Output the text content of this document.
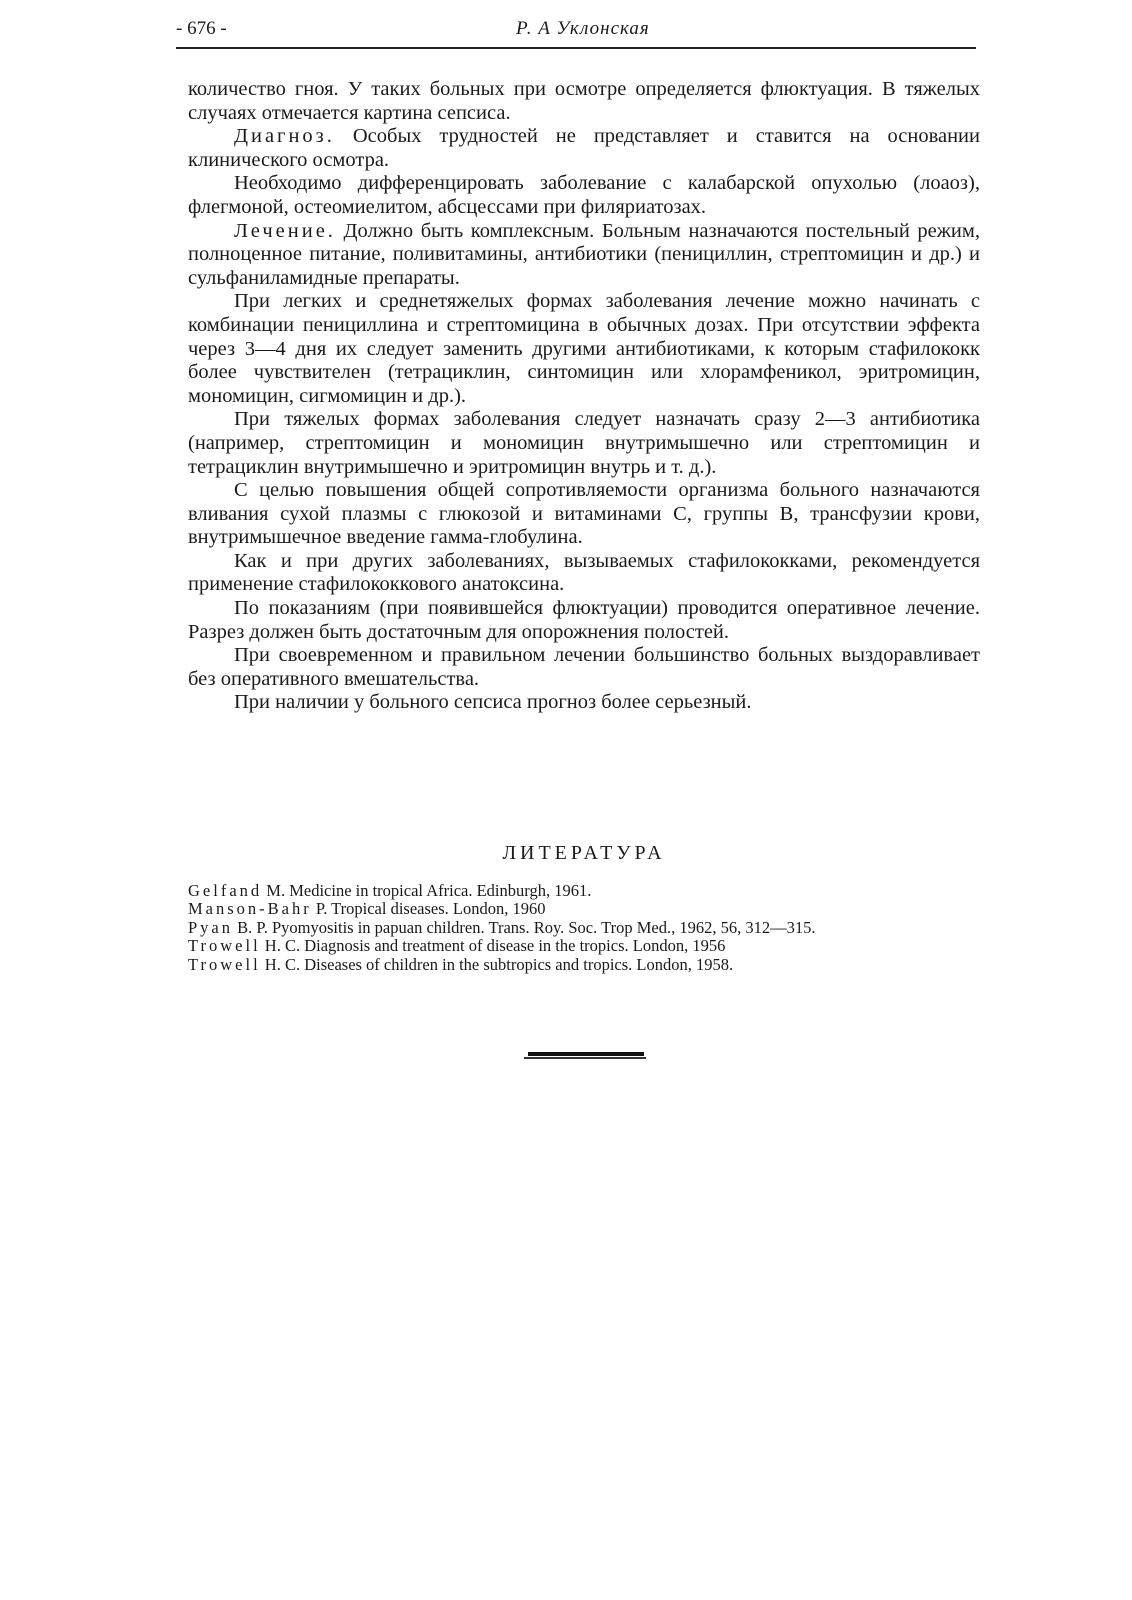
- 676 -	Р. А Уклонская

количество гноя. У таких больных при осмотре определяется флюктуация. В тяжелых случаях отмечается картина сепсиса.

Диагноз. Особых трудностей не представляет и ставится на основании клинического осмотра.

Необходимо дифференцировать заболевание с калабарской опухолью (лоаоз), флегмоной, остеомиелитом, абсцессами при филяриатозах.

Лечение. Должно быть комплексным. Больным назначаются постельный режим, полноценное питание, поливитамины, антибиотики (пенициллин, стрептомицин и др.) и сульфаниламидные препараты.

При легких и среднетяжелых формах заболевания лечение можно начинать с комбинации пенициллина и стрептомицина в обычных дозах. При отсутствии эффекта через 3—4 дня их следует заменить другими антибиотиками, к которым стафилококк более чувствителен (тетрациклин, синтомицин или хлорамфеникол, эритромицин, мономицин, сигмомицин и др.).

При тяжелых формах заболевания следует назначать сразу 2—3 антибиотика (например, стрептомицин и мономицин внутримышечно или стрептомицин и тетрациклин внутримышечно и эритромицин внутрь и т. д.).

С целью повышения общей сопротивляемости организма больного назначаются вливания сухой плазмы с глюкозой и витаминами С, группы В, трансфузии крови, внутримышечное введение гамма-глобулина.

Как и при других заболеваниях, вызываемых стафилококками, рекомендуется применение стафилококкового анатоксина.

По показаниям (при появившейся флюктуации) проводится оперативное лечение. Разрез должен быть достаточным для опорожнения полостей.

При своевременном и правильном лечении большинство больных выздоравливает без оперативного вмешательства.

При наличии у больного сепсиса прогноз более серьезный.

ЛИТЕРАТУРА
Gelfand M. Medicine in tropical Africa. Edinburgh, 1961.
Manson-Bahr P. Tropical diseases. London, 1960
Pyan B. P. Pyomyositis in papuan children. Trans. Roy. Soc. Trop Med., 1962, 56, 312—315.
Trowell H. C. Diagnosis and treatment of disease in the tropics. London, 1956
Trowell H. C. Diseases of children in the subtropics and tropics. London, 1958.
